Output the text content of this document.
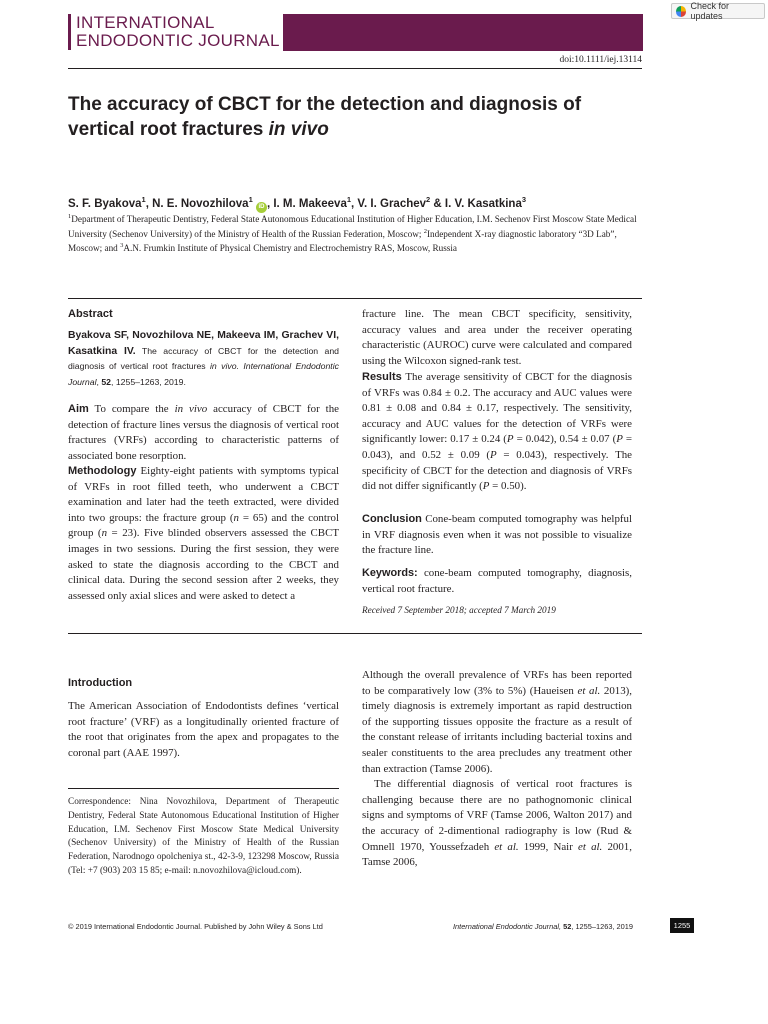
INTERNATIONAL
ENDODONTIC JOURNAL
doi:10.1111/iej.13114
Check for updates
The accuracy of CBCT for the detection and diagnosis of vertical root fractures in vivo
S. F. Byakova$^1$, N. E. Novozhilova$^1$ iD , I. M. Makeeva$^1$, V. I. Grachev$^2$ & I. V. Kasatkina$^3$
$^1$Department of Therapeutic Dentistry, Federal State Autonomous Educational Institution of Higher Education, I.M. Sechenov First Moscow State Medical University (Sechenov University) of the Ministry of Health of the Russian Federation, Moscow; $^2$Independent X-ray diagnostic laboratory “3D Lab”, Moscow; and $^3$A.N. Frumkin Institute of Physical Chemistry and Electrochemistry RAS, Moscow, Russia
Abstract
Byakova SF, Novozhilova NE, Makeeva IM, Grachev VI, Kasatkina IV. The accuracy of CBCT for the detection and diagnosis of vertical root fractures in vivo. International Endodontic Journal, 52, 1255–1263, 2019.
Aim To compare the in vivo accuracy of CBCT for the detection of fracture lines versus the diagnosis of vertical root fractures (VRFs) according to characteristic patterns of associated bone resorption.
Methodology Eighty-eight patients with symptoms typical of VRFs in root filled teeth, who underwent a CBCT examination and later had the teeth extracted, were divided into two groups: the fracture group (n = 65) and the control group (n = 23). Five blinded observers assessed the CBCT images in two sessions. During the first session, they were asked to state the diagnosis according to the CBCT and clinical data. During the second session after 2 weeks, they assessed only axial slices and were asked to detect a
fracture line. The mean CBCT specificity, sensitivity, accuracy values and area under the receiver operating characteristic (AUROC) curve were calculated and compared using the Wilcoxon signed-rank test.
Results The average sensitivity of CBCT for the diagnosis of VRFs was 0.84 ± 0.2. The accuracy and AUC values were 0.81 ± 0.08 and 0.84 ± 0.17, respectively. The sensitivity, accuracy and AUC values for the detection of VRFs were significantly lower: 0.17 ± 0.24 (P = 0.042), 0.54 ± 0.07 (P = 0.043), and 0.52 ± 0.09 (P = 0.043), respectively. The specificity of CBCT for the detection and diagnosis of VRFs did not differ significantly (P = 0.50).
Conclusion Cone-beam computed tomography was helpful in VRF diagnosis even when it was not possible to visualize the fracture line.
Keywords: cone-beam computed tomography, diagnosis, vertical root fracture.
Received 7 September 2018; accepted 7 March 2019
Introduction
The American Association of Endodontists defines ‘vertical root fracture’ (VRF) as a longitudinally oriented fracture of the root that originates from the apex and propagates to the coronal part (AAE 1997).
Correspondence: Nina Novozhilova, Department of Therapeutic Dentistry, Federal State Autonomous Educational Institution of Higher Education, I.M. Sechenov First Moscow State Medical University (Sechenov University) of the Ministry of Health of the Russian Federation, Narodnogo opolcheniya st., 42-3-9, 123298 Moscow, Russia (Tel: +7 (903) 203 15 85; e-mail: n.novozhilova@icloud.com).
Although the overall prevalence of VRFs has been reported to be comparatively low (3% to 5%) (Haueisen et al. 2013), timely diagnosis is extremely important as rapid destruction of the supporting tissues opposite the fracture as a result of the constant release of irritants including bacterial toxins and sealer constituents to the area precludes any treatment other than extraction (Tamse 2006).
The differential diagnosis of vertical root fractures is challenging because there are no pathognomonic clinical signs and symptoms of VRF (Tamse 2006, Walton 2017) and the accuracy of 2-dimentional radiography is low (Rud & Omnell 1970, Youssefzadeh et al. 1999, Nair et al. 2001, Tamse 2006,
© 2019 International Endodontic Journal. Published by John Wiley & Sons Ltd	International Endodontic Journal, 52, 1255–1263, 2019	1255
